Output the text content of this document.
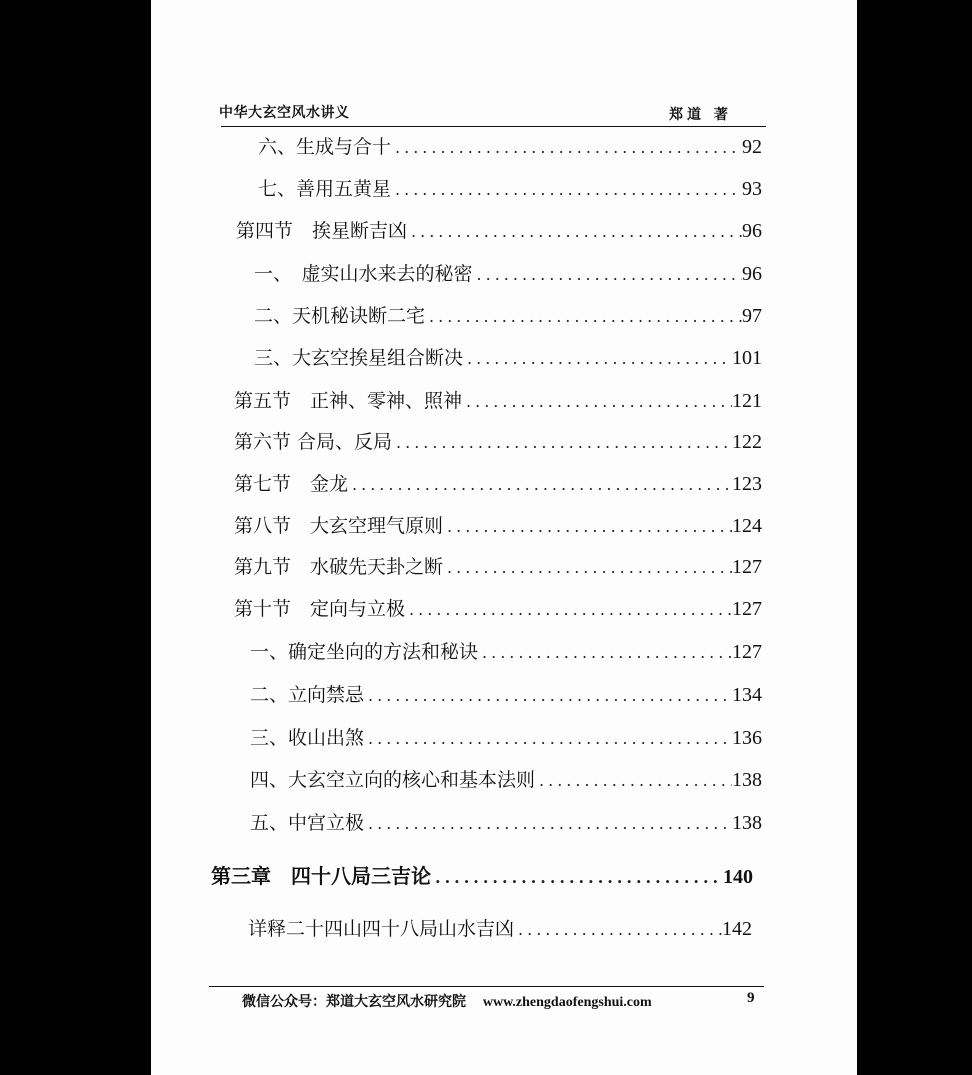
中华大玄空风水讲义	郑道 著
六、生成与合十 .....	92
七、善用五黄星 .....	93
第四节　挨星断吉凶 .....	96
一、　虚实山水来去的秘密 .....	96
二、天机秘诀断二宅 .....	97
三、大玄空挨星组合断决 .....	101
第五节　正神、零神、照神 .....	121
第六节 合局、反局 .....	122
第七节　金龙 .....	123
第八节　大玄空理气原则 .....	124
第九节　水破先天卦之断 .....	127
第十节　定向与立极 .....	127
一、确定坐向的方法和秘诀 .....	127
二、立向禁忌 .....	134
三、收山出煞 .....	136
四、大玄空立向的核心和基本法则 .....	138
五、中宫立极 .....	138
第三章　四十八局三吉论 .....	140
详释二十四山四十八局山水吉凶 .....	142
微信公众号：郑道大玄空风水研究院 www.zhengdaofengshui.com	9
